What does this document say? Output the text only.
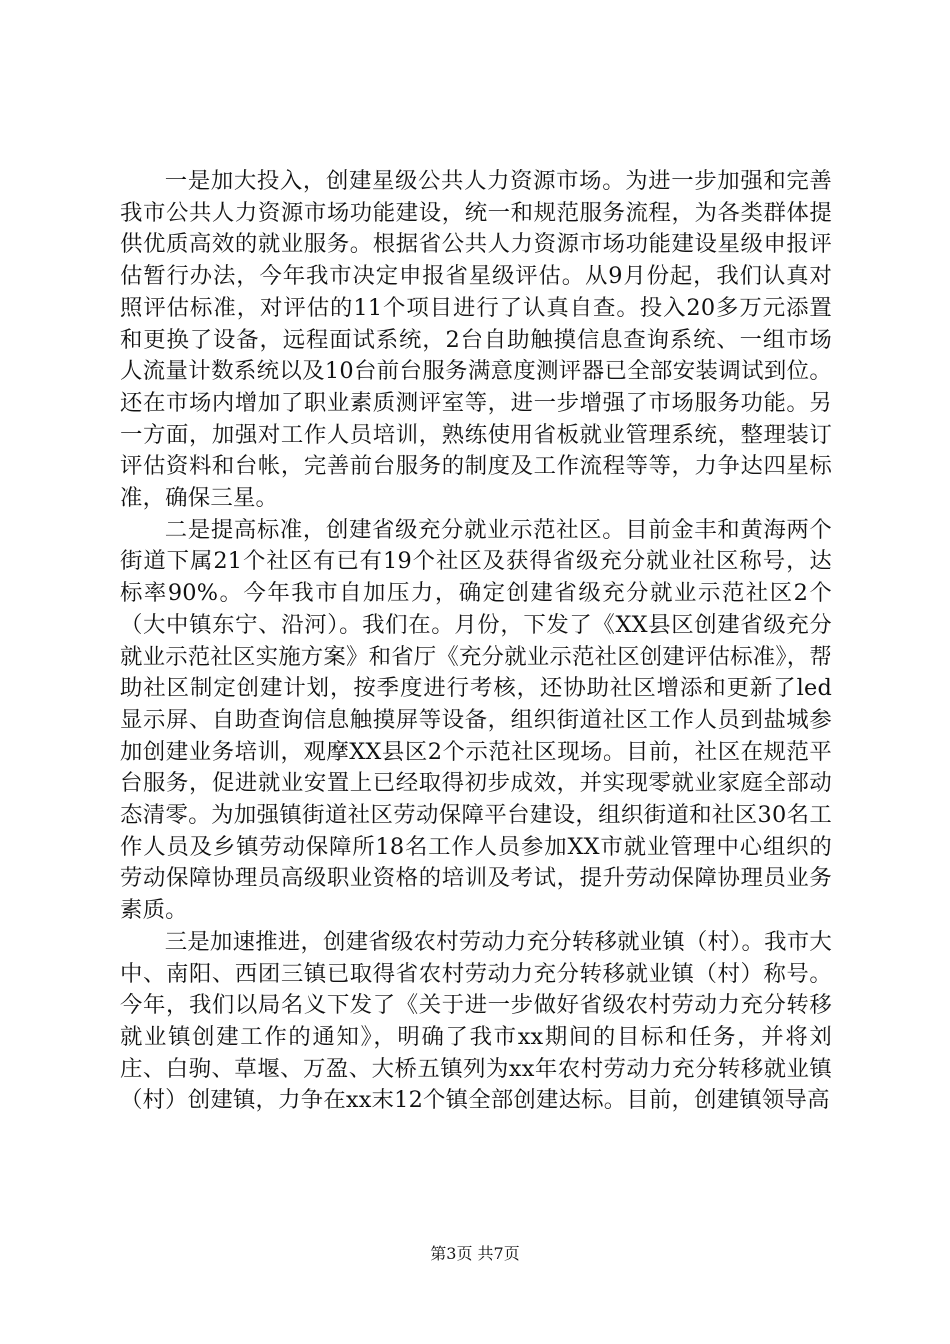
一是加大投入，创建星级公共人力资源市场。为进一步加强和完善我市公共人力资源市场功能建设，统一和规范服务流程，为各类群体提供优质高效的就业服务。根据省公共人力资源市场功能建设星级申报评估暂行办法，今年我市决定申报省星级评估。从9月份起，我们认真对照评估标准，对评估的11个项目进行了认真自查。投入20多万元添置和更换了设备，远程面试系统，2台自助触摸信息查询系统、一组市场人流量计数系统以及10台前台服务满意度测评器已全部安装调试到位。还在市场内增加了职业素质测评室等，进一步增强了市场服务功能。另一方面，加强对工作人员培训，熟练使用省板就业管理系统，整理装订评估资料和台帐，完善前台服务的制度及工作流程等等，力争达四星标准，确保三星。

二是提高标准，创建省级充分就业示范社区。目前金丰和黄海两个街道下属21个社区有已有19个社区及获得省级充分就业社区称号，达标率90%。今年我市自加压力，确定创建省级充分就业示范社区2个（大中镇东宁、沿河）。我们在。月份，下发了《XX县区创建省级充分就业示范社区实施方案》和省厅《充分就业示范社区创建评估标准》，帮助社区制定创建计划，按季度进行考核，还协助社区增添和更新了led显示屏、自助查询信息触摸屏等设备，组织街道社区工作人员到盐城参加创建业务培训，观摩XX县区2个示范社区现场。目前，社区在规范平台服务，促进就业安置上已经取得初步成效，并实现零就业家庭全部动态清零。为加强镇街道社区劳动保障平台建设，组织街道和社区30名工作人员及乡镇劳动保障所18名工作人员参加XX市就业管理中心组织的劳动保障协理员高级职业资格的培训及考试，提升劳动保障协理员业务素质。

三是加速推进，创建省级农村劳动力充分转移就业镇（村）。我市大中、南阳、西团三镇已取得省农村劳动力充分转移就业镇（村）称号。今年，我们以局名义下发了《关于进一步做好省级农村劳动力充分转移就业镇创建工作的通知》，明确了我市xx期间的目标和任务，并将刘庄、白驹、草堰、万盈、大桥五镇列为xx年农村劳动力充分转移就业镇（村）创建镇，力争在xx末12个镇全部创建达标。目前，创建镇领导高

第3页 共7页
